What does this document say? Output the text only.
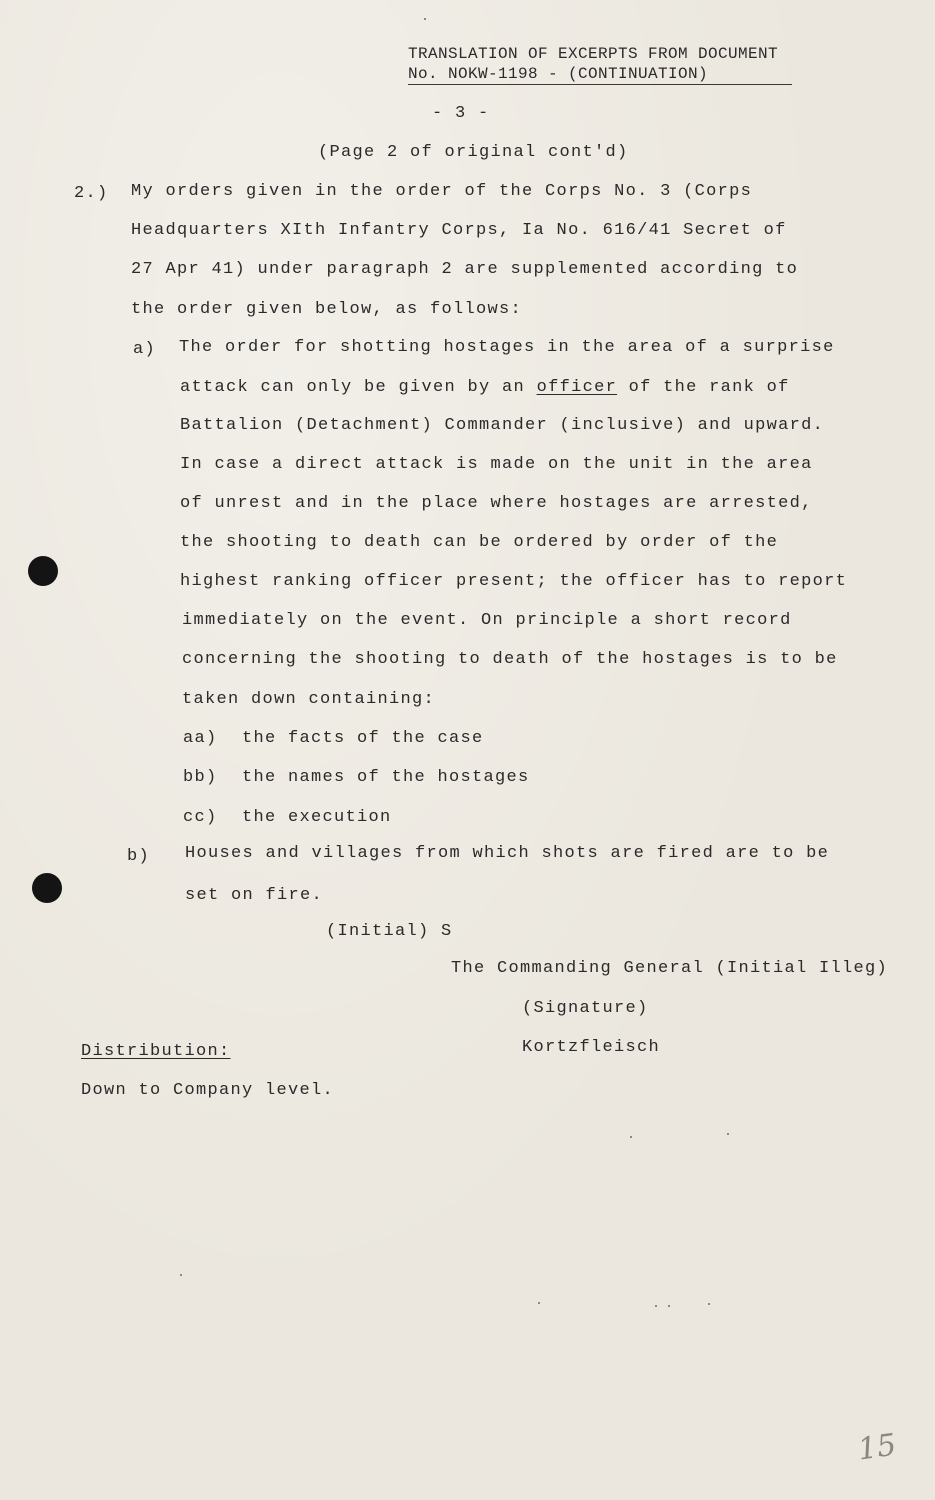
TRANSLATION OF EXCERPTS FROM DOCUMENT
No. NOKW-1198 - (CONTINUATION)
- 3 -
(Page 2 of original cont'd)
2.) My orders given in the order of the Corps No. 3 (Corps
Headquarters XIth Infantry Corps, Ia No. 616/41 Secret of
27 Apr 41) under paragraph 2 are supplemented according to
the order given below, as follows:
a) The order for shotting hostages in the area of a surprise
attack can only be given by an officer of the rank of
Battalion (Detachment) Commander (inclusive) and upward.
In case a direct attack is made on the unit in the area
of unrest and in the place where hostages are arrested,
the shooting to death can be ordered by order of the
highest ranking officer present; the officer has to report
immediately on the event. On principle a short record
concerning the shooting to death of the hostages is to be
taken down containing:
aa) the facts of the case
bb) the names of the hostages
cc) the execution
b) Houses and villages from which shots are fired are to be
set on fire.
(Initial) S
The Commanding General (Initial Illeg)
(Signature)
Kortzfleisch
Distribution:
Down to Company level.
15
